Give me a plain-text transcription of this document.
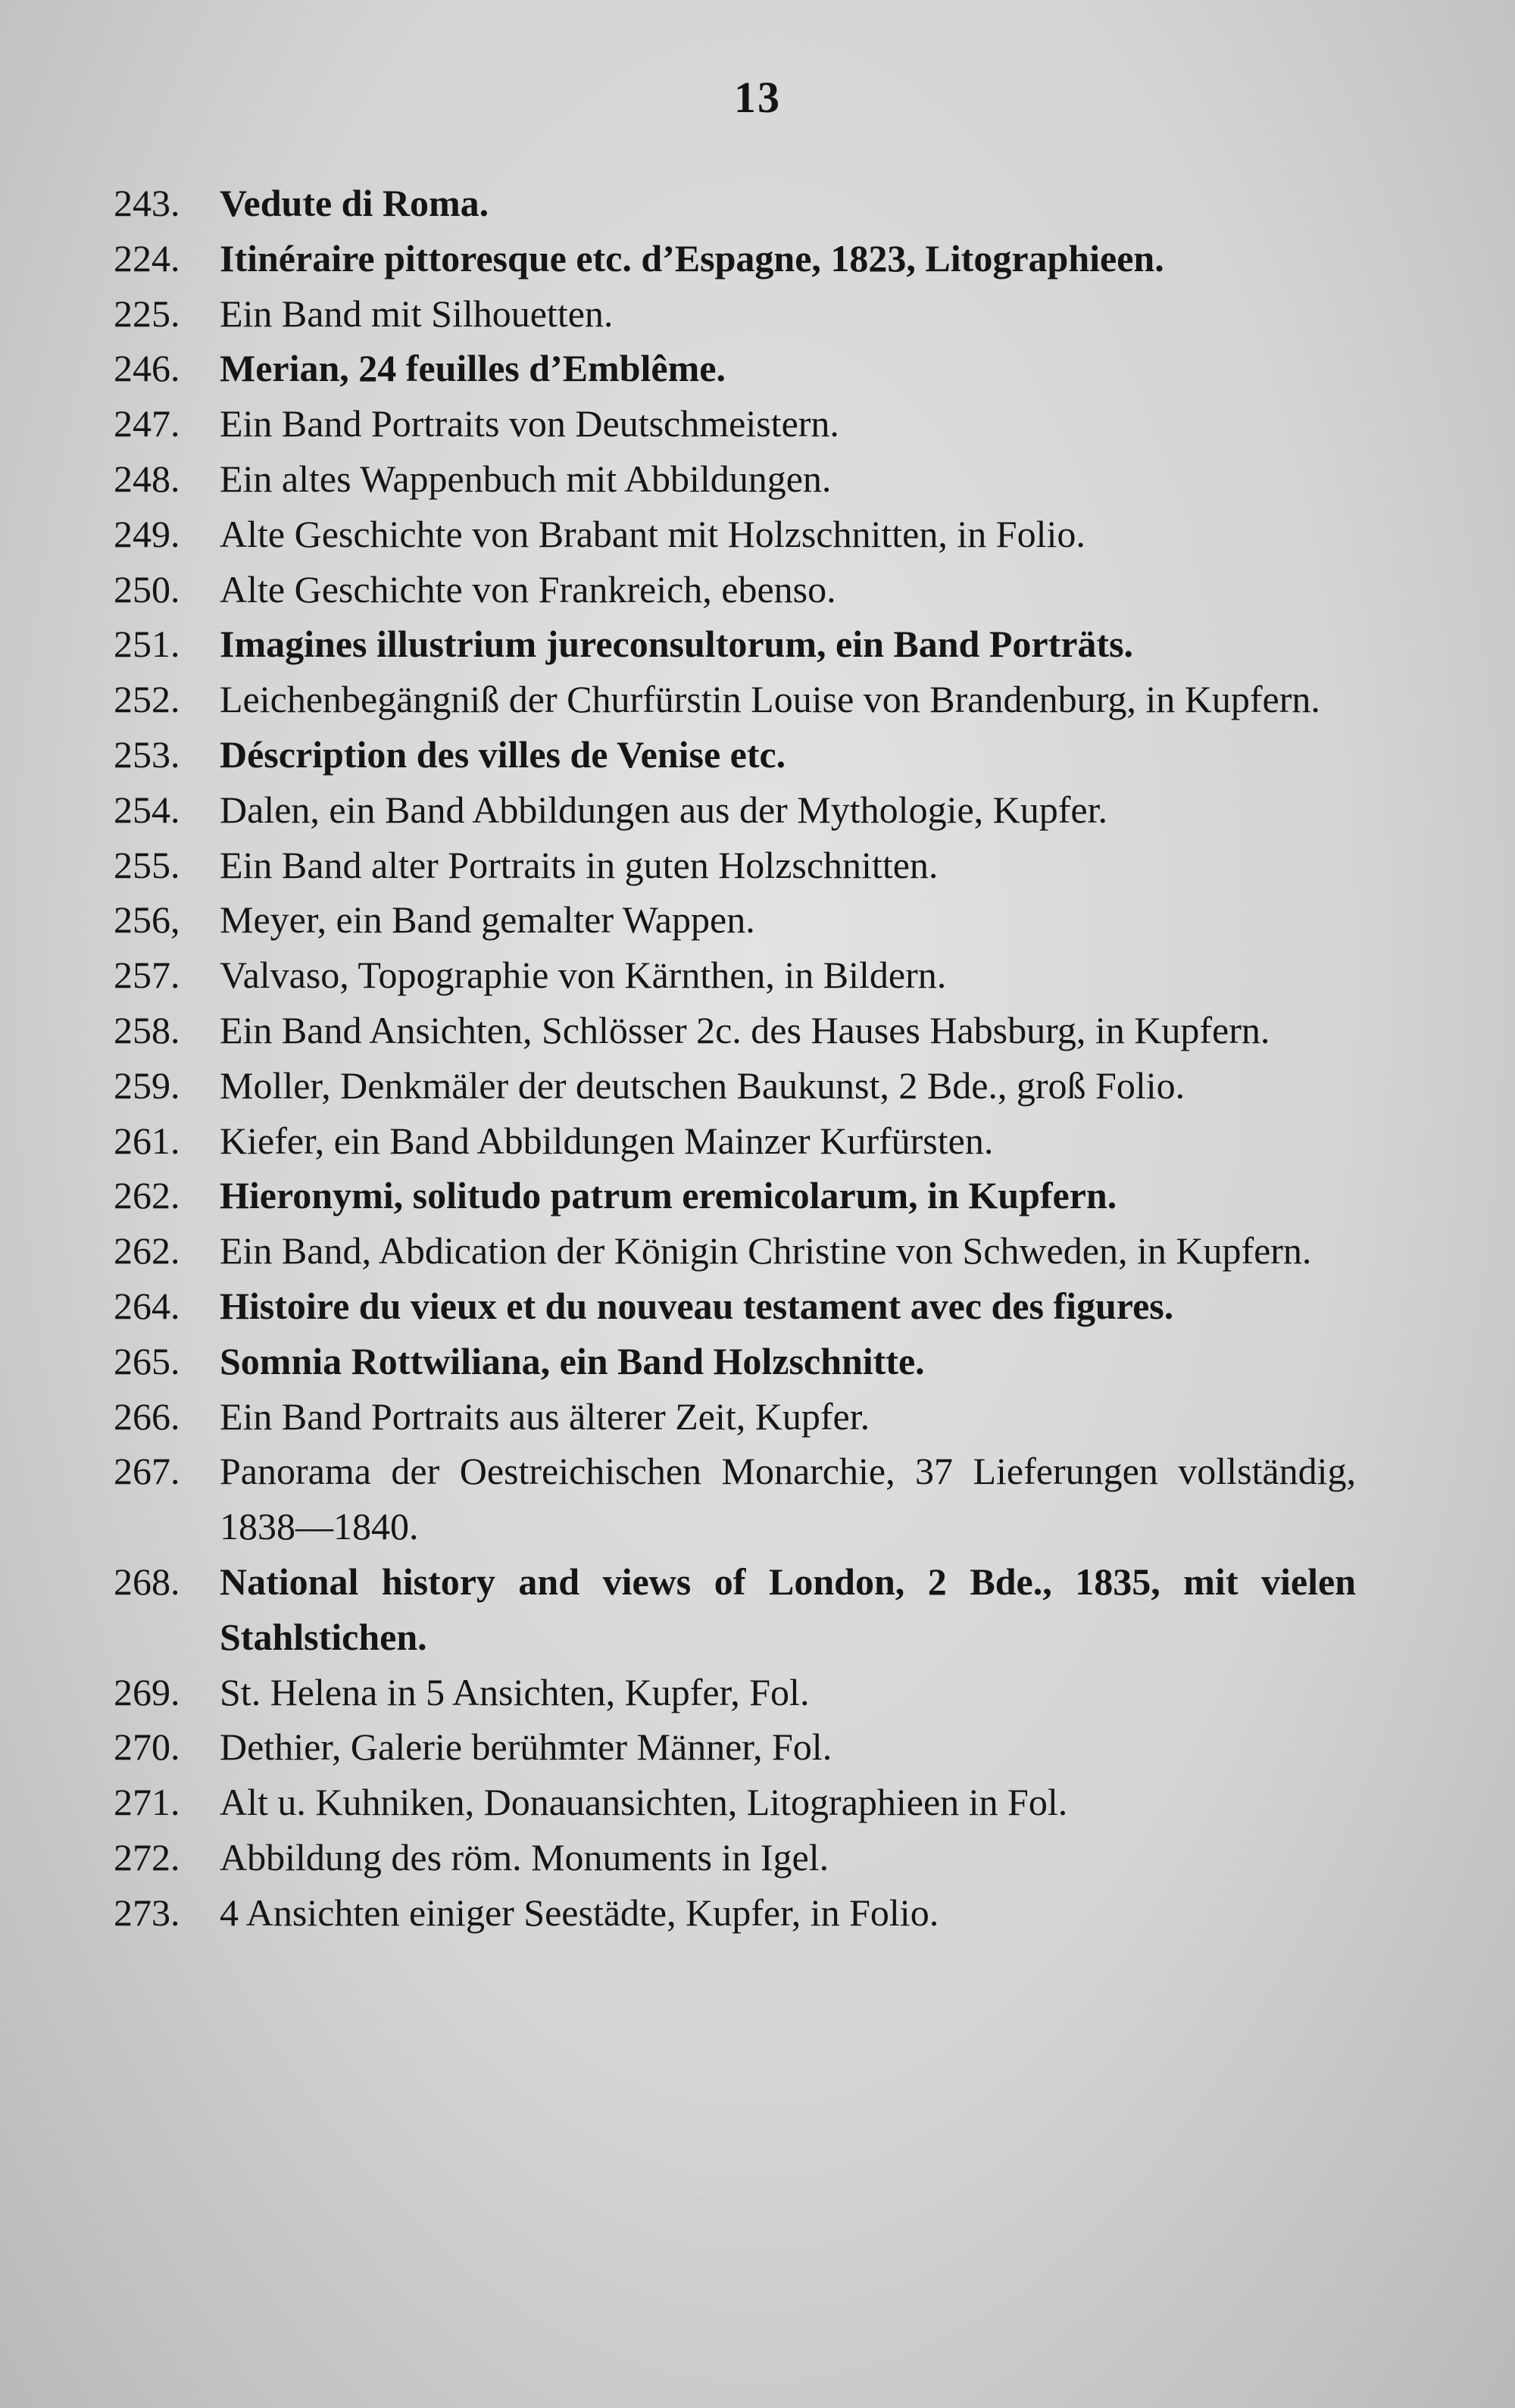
13
243.	Vedute di Roma.
224.	Itinéraire pittoresque etc. d’Espagne, 1823, Litographieen.
225.	Ein Band mit Silhouetten.
246.	Merian, 24 feuilles d’Emblême.
247.	Ein Band Portraits von Deutschmeistern.
248.	Ein altes Wappenbuch mit Abbildungen.
249.	Alte Geschichte von Brabant mit Holzschnitten, in Folio.
250.	Alte Geschichte von Frankreich, ebenso.
251.	Imagines illustrium jureconsultorum, ein Band Porträts.
252.	Leichenbegängniß der Churfürstin Louise von Brandenburg, in Kupfern.
253.	Déscription des villes de Venise etc.
254.	Dalen, ein Band Abbildungen aus der Mythologie, Kupfer.
255.	Ein Band alter Portraits in guten Holzschnitten.
256,	Meyer, ein Band gemalter Wappen.
257.	Valvaso, Topographie von Kärnthen, in Bildern.
258.	Ein Band Ansichten, Schlösser 2c. des Hauses Habsburg, in Kupfern.
259.	Moller, Denkmäler der deutschen Baukunst, 2 Bde., groß Folio.
261.	Kiefer, ein Band Abbildungen Mainzer Kurfürsten.
262.	Hieronymi, solitudo patrum eremicolarum, in Kupfern.
262.	Ein Band, Abdication der Königin Christine von Schweden, in Kupfern.
264.	Histoire du vieux et du nouveau testament avec des figures.
265.	Somnia Rottwiliana, ein Band Holzschnitte.
266.	Ein Band Portraits aus älterer Zeit, Kupfer.
267.	Panorama der Oestreichischen Monarchie, 37 Lieferungen vollständig, 1838—1840.
268.	National history and views of London, 2 Bde., 1835, mit vielen Stahlstichen.
269.	St. Helena in 5 Ansichten, Kupfer, Fol.
270.	Dethier, Galerie berühmter Männer, Fol.
271.	Alt u. Kuhniken, Donauansichten, Litographieen in Fol.
272.	Abbildung des röm. Monuments in Igel.
273.	4 Ansichten einiger Seestädte, Kupfer, in Folio.
